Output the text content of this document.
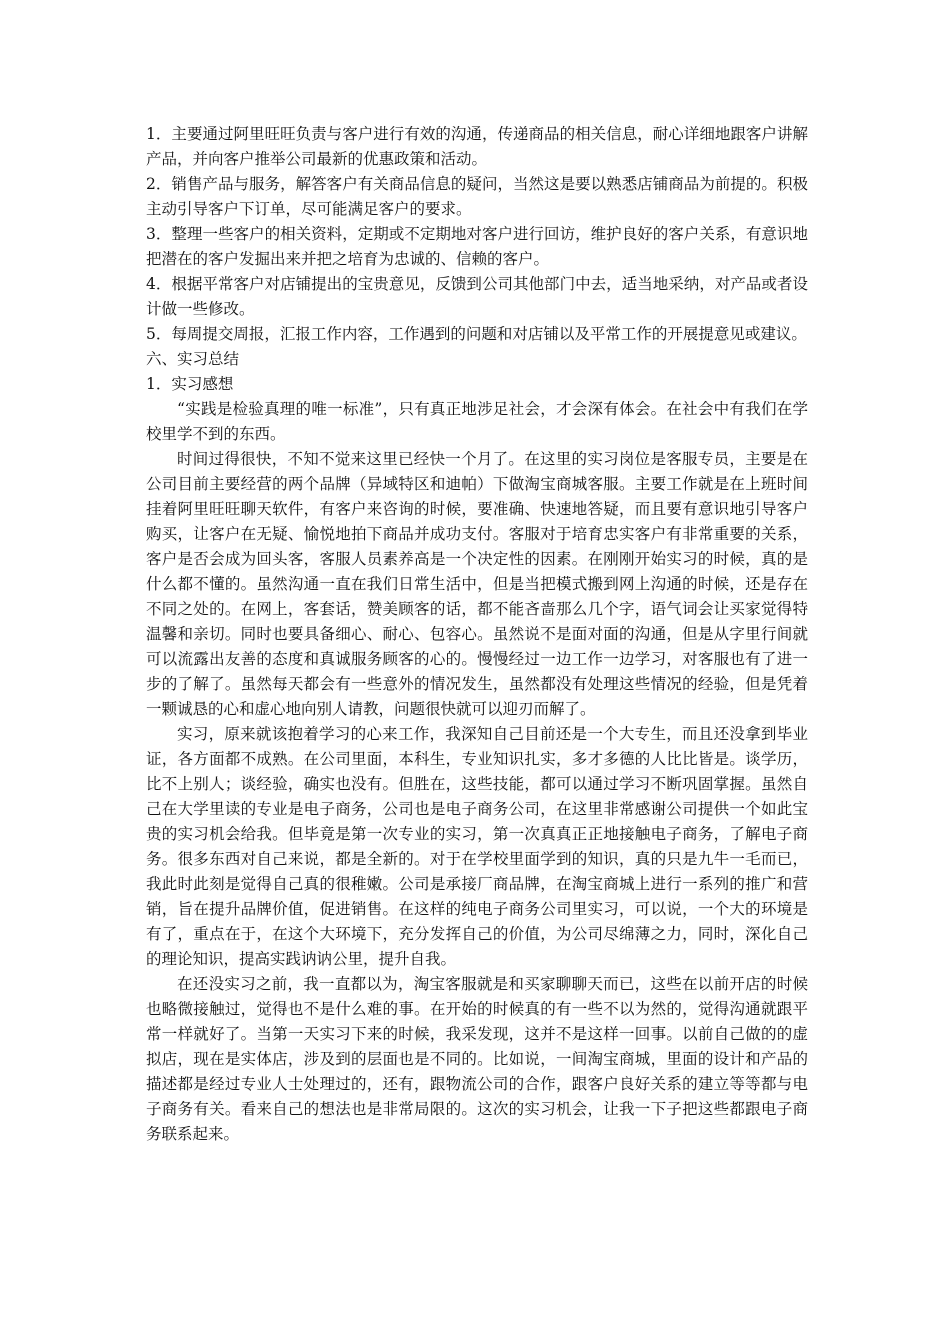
1．主要通过阿里旺旺负责与客户进行有效的沟通，传递商品的相关信息，耐心详细地跟客户讲解产品，并向客户推举公司最新的优惠政策和活动。

2．销售产品与服务，解答客户有关商品信息的疑问，当然这是要以熟悉店铺商品为前提的。积极主动引导客户下订单，尽可能满足客户的要求。

3．整理一些客户的相关资料，定期或不定期地对客户进行回访，维护良好的客户关系，有意识地把潜在的客户发掘出来并把之培育为忠诚的、信赖的客户。

4．根据平常客户对店铺提出的宝贵意见，反馈到公司其他部门中去，适当地采纳，对产品或者设计做一些修改。

5．每周提交周报，汇报工作内容，工作遇到的问题和对店铺以及平常工作的开展提意见或建议。

六、实习总结

1．实习感想

“实践是检验真理的唯一标准”，只有真正地涉足社会，才会深有体会。在社会中有我们在学校里学不到的东西。

时间过得很快，不知不觉来这里已经快一个月了。在这里的实习岗位是客服专员，主要是在公司目前主要经营的两个品牌（异域特区和迪帕）下做淘宝商城客服。主要工作就是在上班时间挂着阿里旺旺聊天软件，有客户来咨询的时候，要准确、快速地答疑，而且要有意识地引导客户购买，让客户在无疑、愉悦地拍下商品并成功支付。客服对于培育忠实客户有非常重要的关系，客户是否会成为回头客，客服人员素养高是一个决定性的因素。在刚刚开始实习的时候，真的是什么都不懂的。虽然沟通一直在我们日常生活中，但是当把模式搬到网上沟通的时候，还是存在不同之处的。在网上，客套话，赞美顾客的话，都不能吝啬那么几个字，语气词会让买家觉得特温馨和亲切。同时也要具备细心、耐心、包容心。虽然说不是面对面的沟通，但是从字里行间就可以流露出友善的态度和真诚服务顾客的心的。慢慢经过一边工作一边学习，对客服也有了进一步的了解了。虽然每天都会有一些意外的情况发生，虽然都没有处理这些情况的经验，但是凭着一颗诚恳的心和虚心地向别人请教，问题很快就可以迎刃而解了。

实习，原来就该抱着学习的心来工作，我深知自己目前还是一个大专生，而且还没拿到毕业证，各方面都不成熟。在公司里面，本科生，专业知识扎实，多才多德的人比比皆是。谈学历，比不上别人；谈经验，确实也没有。但胜在，这些技能，都可以通过学习不断巩固掌握。虽然自己在大学里读的专业是电子商务，公司也是电子商务公司，在这里非常感谢公司提供一个如此宝贵的实习机会给我。但毕竟是第一次专业的实习，第一次真真正正地接触电子商务，了解电子商务。很多东西对自己来说，都是全新的。对于在学校里面学到的知识，真的只是九牛一毛而已，我此时此刻是觉得自己真的很稚嫩。公司是承接厂商品牌，在淘宝商城上进行一系列的推广和营销，旨在提升品牌价值，促进销售。在这样的纯电子商务公司里实习，可以说，一个大的环境是有了，重点在于，在这个大环境下，充分发挥自己的价值，为公司尽绵薄之力，同时，深化自己的理论知识，提高实践讷讷公里，提升自我。

在还没实习之前，我一直都以为，淘宝客服就是和买家聊聊天而已，这些在以前开店的时候也略微接触过，觉得也不是什么难的事。在开始的时候真的有一些不以为然的，觉得沟通就跟平常一样就好了。当第一天实习下来的时候，我采发现，这并不是这样一回事。以前自己做的的虚拟店，现在是实体店，涉及到的层面也是不同的。比如说，一间淘宝商城，里面的设计和产品的描述都是经过专业人士处理过的，还有，跟物流公司的合作，跟客户良好关系的建立等等都与电子商务有关。看来自己的想法也是非常局限的。这次的实习机会，让我一下子把这些都跟电子商务联系起来。
